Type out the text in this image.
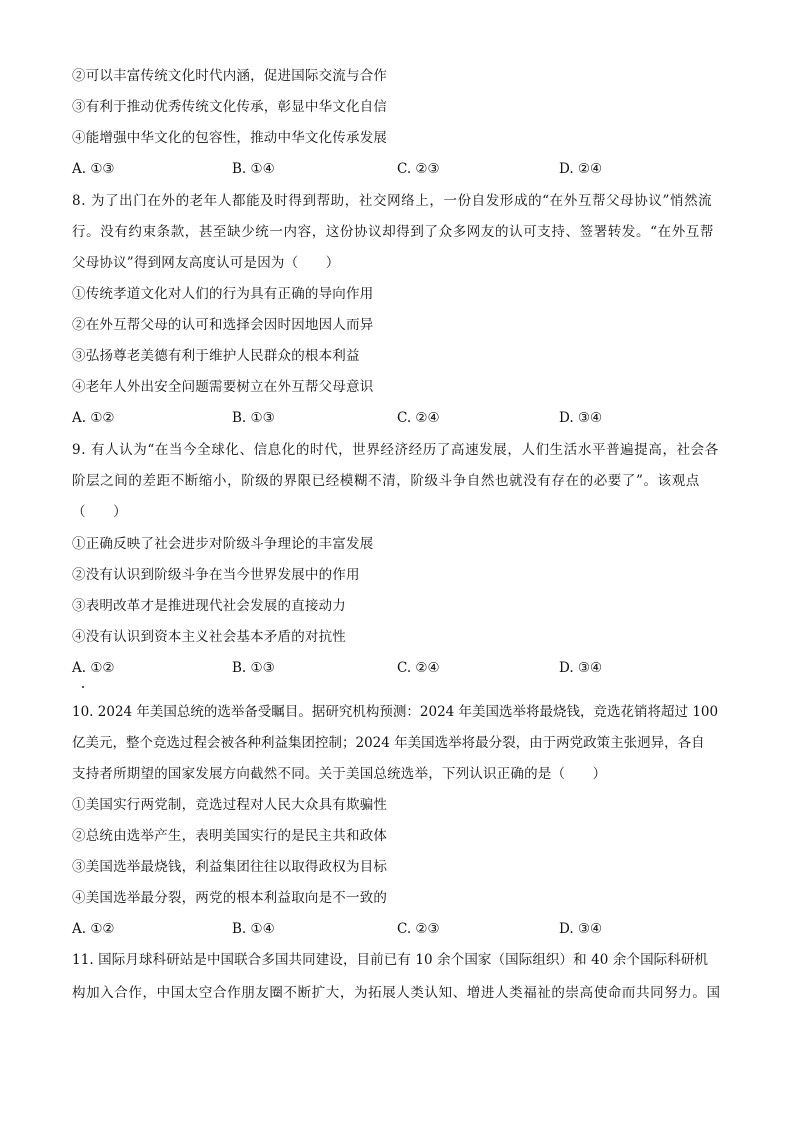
②可以丰富传统文化时代内涵，促进国际交流与合作
③有利于推动优秀传统文化传承，彰显中华文化自信
④能增强中华文化的包容性，推动中华文化传承发展
A. ①③	B. ①④	C. ②③	D. ②④
8. 为了出门在外的老年人都能及时得到帮助，社交网络上，一份自发形成的“在外互帮父母协议”悄然流
行。没有约束条款，甚至缺少统一内容，这份协议却得到了众多网友的认可支持、签署转发。“在外互帮
父母协议”得到网友高度认可是因为（　　）
①传统孝道文化对人们的行为具有正确的导向作用
②在外互帮父母的认可和选择会因时因地因人而异
③弘扬尊老美德有利于维护人民群众的根本利益
④老年人外出安全问题需要树立在外互帮父母意识
A. ①②	B. ①③	C. ②④	D. ③④
9. 有人认为“在当今全球化、信息化的时代，世界经济经历了高速发展，人们生活水平普遍提高，社会各
阶层之间的差距不断缩小，阶级的界限已经模糊不清，阶级斗争自然也就没有存在的必要了”。该观点
（　　）
①正确反映了社会进步对阶级斗争理论的丰富发展
②没有认识到阶级斗争在当今世界发展中的作用
③表明改革才是推进现代社会发展的直接动力
④没有认识到资本主义社会基本矛盾的对抗性
A. ①②	B. ①③	C. ②④	D. ③④
10. 2024 年美国总统的选举备受瞩目。据研究机构预测：2024 年美国选举将最烧钱，竞选花销将超过 100
亿美元，整个竞选过程会被各种利益集团控制；2024 年美国选举将最分裂，由于两党政策主张迥异，各自
支持者所期望的国家发展方向截然不同。关于美国总统选举，下列认识正确的是（　　）
①美国实行两党制，竞选过程对人民大众具有欺骗性
②总统由选举产生，表明美国实行的是民主共和政体
③美国选举最烧钱，利益集团往往以取得政权为目标
④美国选举最分裂，两党的根本利益取向是不一致的
A. ①②	B. ①④	C. ②③	D. ③④
11. 国际月球科研站是中国联合多国共同建设，目前已有 10 余个国家（国际组织）和 40 余个国际科研机
构加入合作，中国太空合作朋友圈不断扩大，为拓展人类认知、增进人类福祉的崇高使命而共同努力。国
